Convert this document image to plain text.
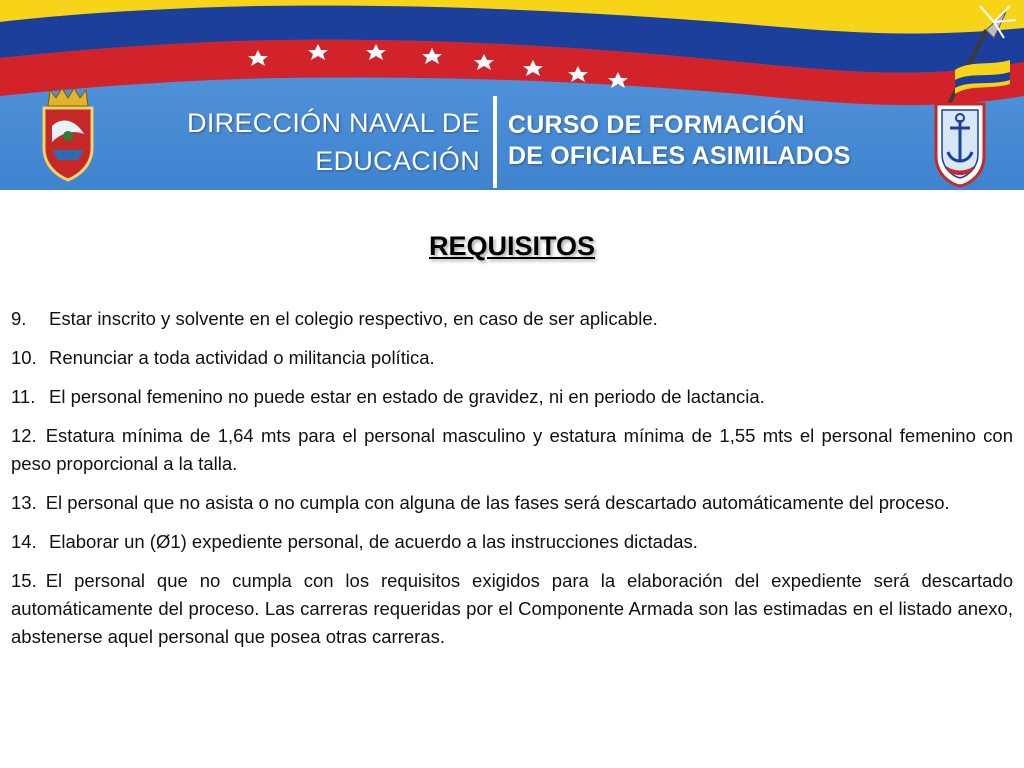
DIRECCIÓN NAVAL DE
EDUCACIÓN
CURSO DE FORMACIÓN
DE OFICIALES ASIMILADOS
REQUISITOS
9. Estar inscrito y solvente en el colegio respectivo, en caso de ser aplicable.
10. Renunciar a toda actividad o militancia política.
11. El personal femenino no puede estar en estado de gravidez, ni en periodo de lactancia.
12. Estatura mínima de 1,64 mts para el personal masculino y estatura mínima de 1,55 mts el personal femenino con peso proporcional a la talla.
13. El personal que no asista o no cumpla con alguna de las fases será descartado automáticamente del proceso.
14. Elaborar un (Ø1) expediente personal, de acuerdo a las instrucciones dictadas.
15. El personal que no cumpla con los requisitos exigidos para la elaboración del expediente será descartado automáticamente del proceso. Las carreras requeridas por el Componente Armada son las estimadas en el listado anexo, abstenerse aquel personal que posea otras carreras.
